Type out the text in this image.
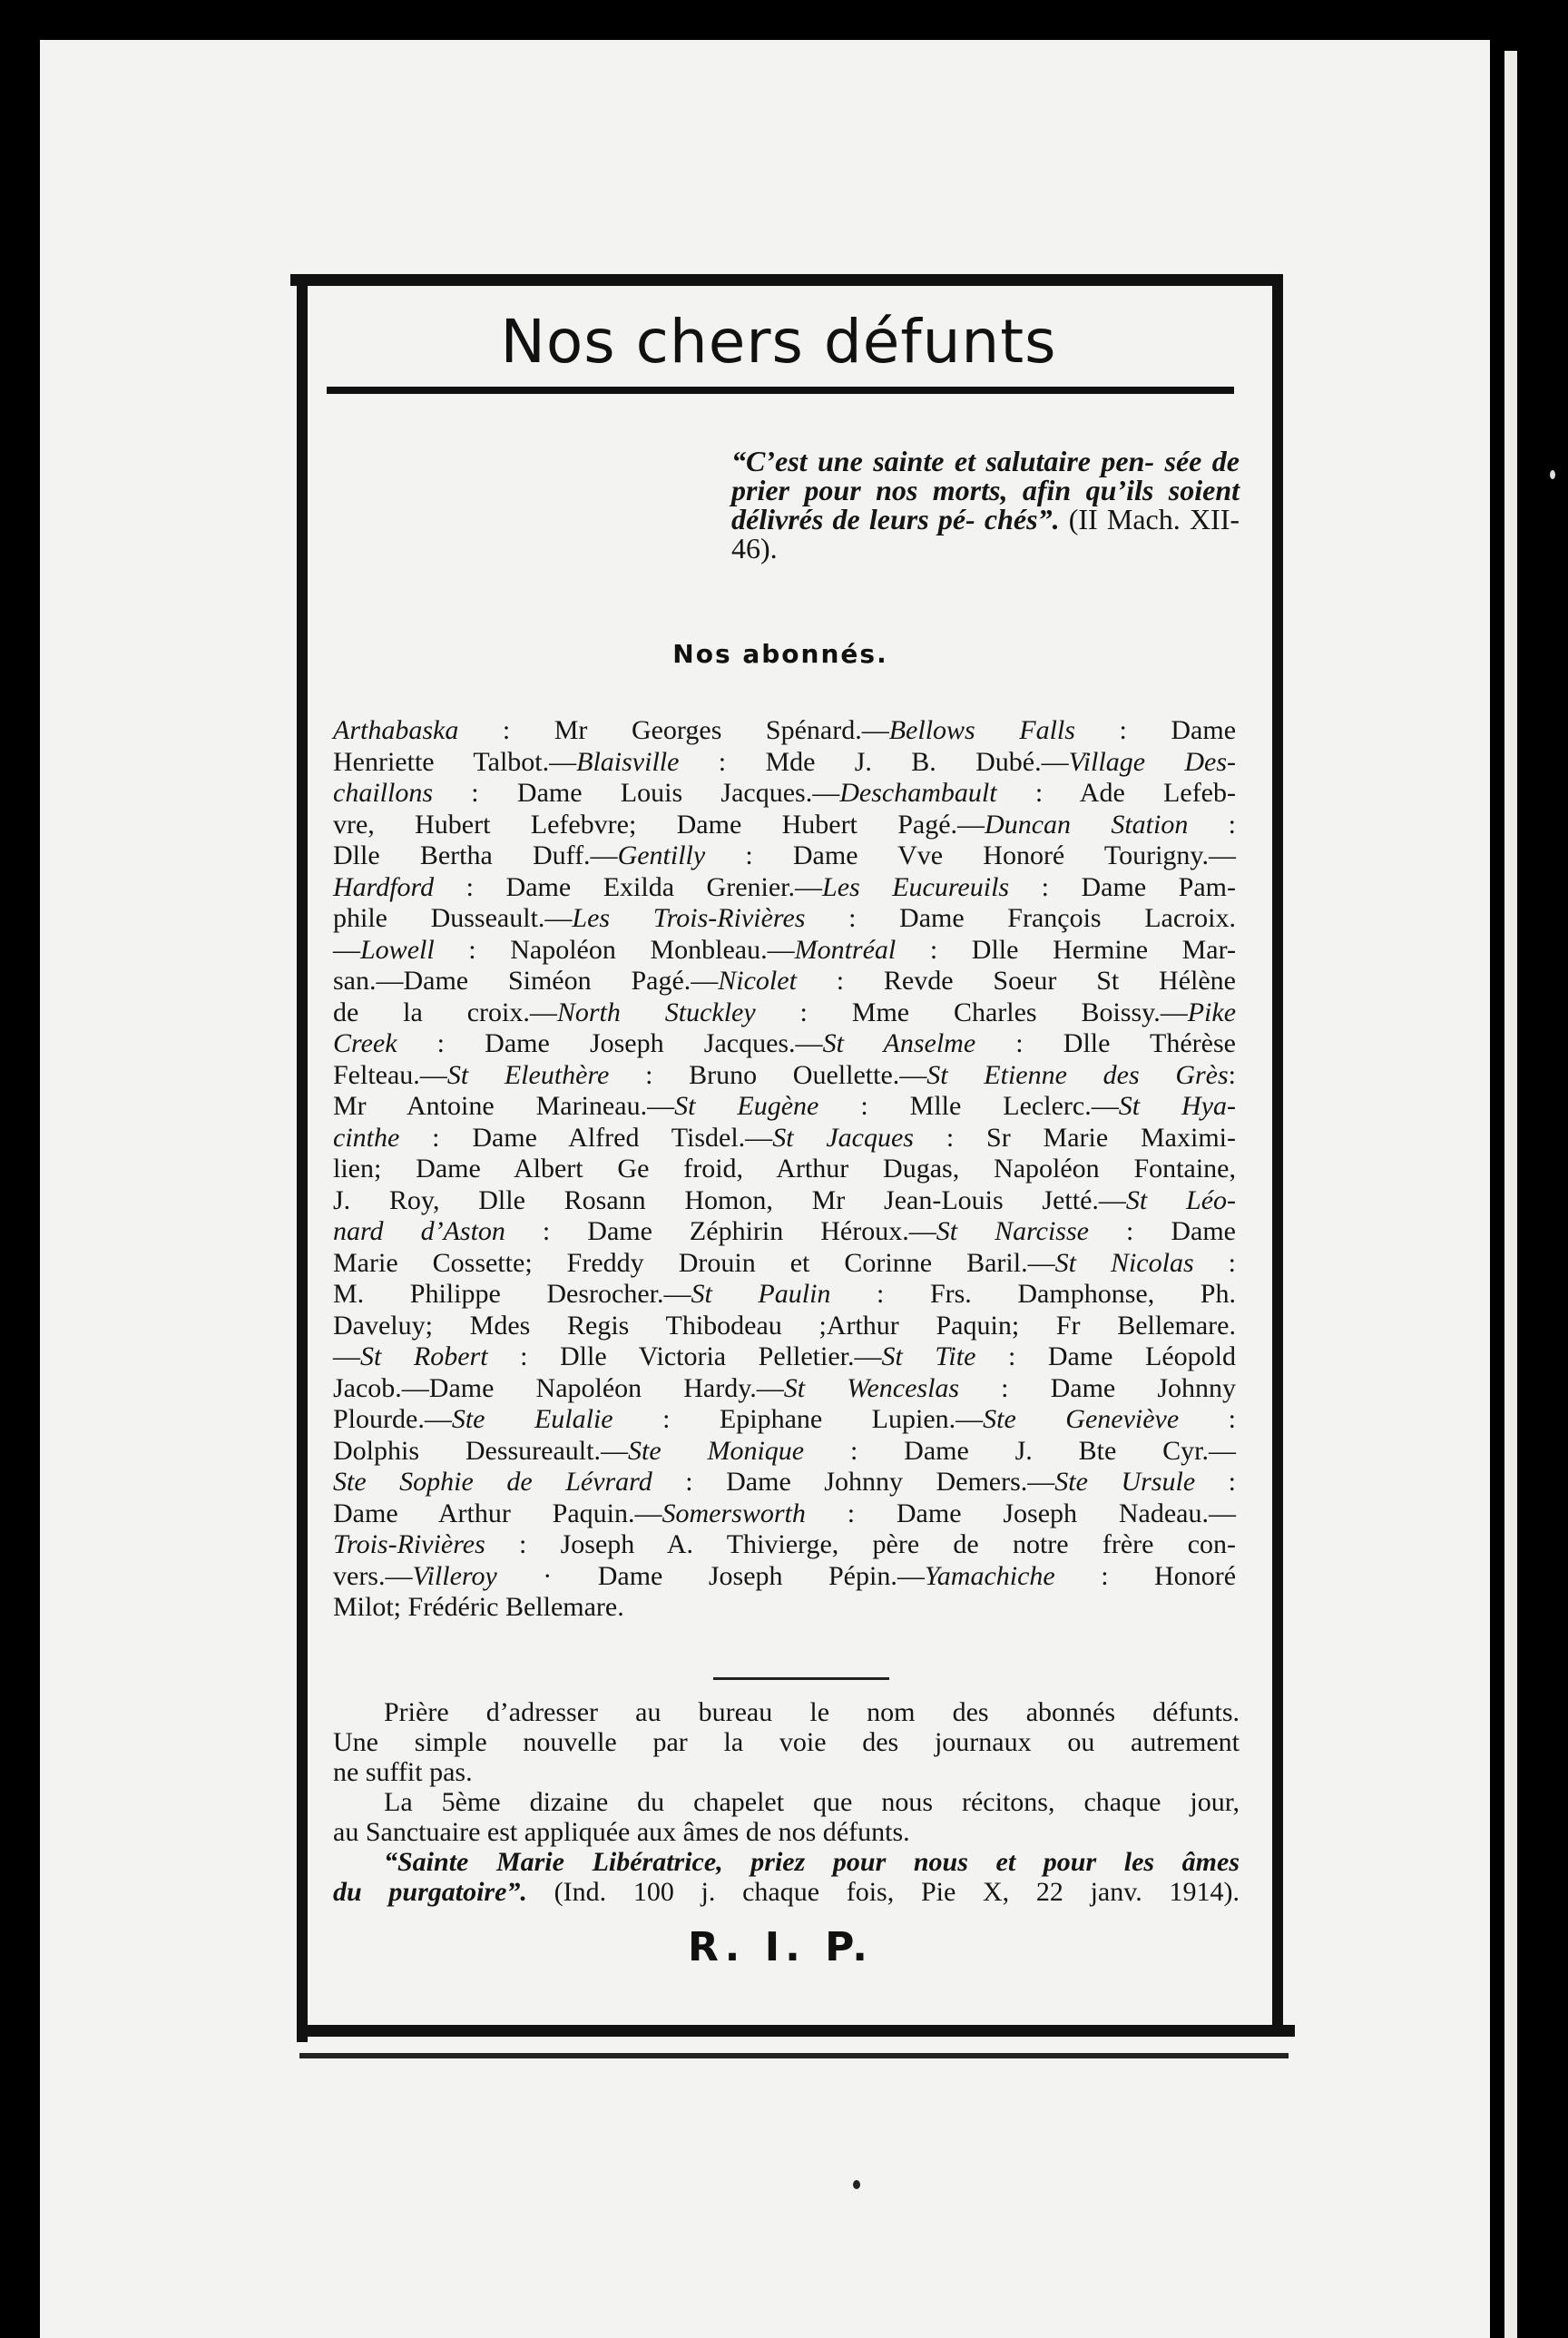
Nos chers défunts
“C’est une sainte et salutaire pen- sée de prier pour nos morts, afin qu’ils soient délivrés de leurs pé- chés”. (II Mach. XII-46).
Nos abonnés.
Arthabaska : Mr Georges Spénard.—Bellows Falls : Dame
Henriette Talbot.—Blaisville : Mde J. B. Dubé.—Village Des-
chaillons : Dame Louis Jacques.—Deschambault : Ade Lefeb-
vre, Hubert Lefebvre; Dame Hubert Pagé.—Duncan Station :
Dlle Bertha Duff.—Gentilly : Dame Vve Honoré Tourigny.—
Hardford : Dame Exilda Grenier.—Les Eucureuils : Dame Pam-
phile Dusseault.—Les Trois-Rivières : Dame François Lacroix.
—Lowell : Napoléon Monbleau.—Montréal : Dlle Hermine Mar-
san.—Dame Siméon Pagé.—Nicolet : Revde Soeur St Hélène
de la croix.—North Stuckley : Mme Charles Boissy.—Pike
Creek : Dame Joseph Jacques.—St Anselme : Dlle Thérèse
Felteau.—St Eleuthère : Bruno Ouellette.—St Etienne des Grès:
Mr Antoine Marineau.—St Eugène : Mlle Leclerc.—St Hya-
cinthe : Dame Alfred Tisdel.—St Jacques : Sr Marie Maximi-
lien; Dame Albert Ge froid, Arthur Dugas, Napoléon Fontaine,
J. Roy, Dlle Rosann Homon, Mr Jean-Louis Jetté.—St Léo-
nard d’Aston : Dame Zéphirin Héroux.—St Narcisse : Dame
Marie Cossette; Freddy Drouin et Corinne Baril.—St Nicolas :
M. Philippe Desrocher.—St Paulin : Frs. Damphonse, Ph.
Daveluy; Mdes Regis Thibodeau ;Arthur Paquin; Fr Bellemare.
—St Robert : Dlle Victoria Pelletier.—St Tite : Dame Léopold
Jacob.—Dame Napoléon Hardy.—St Wenceslas : Dame Johnny
Plourde.—Ste Eulalie : Epiphane Lupien.—Ste Geneviève :
Dolphis Dessureault.—Ste Monique : Dame J. Bte Cyr.—
Ste Sophie de Lévrard : Dame Johnny Demers.—Ste Ursule :
Dame Arthur Paquin.—Somersworth : Dame Joseph Nadeau.—
Trois-Rivières : Joseph A. Thivierge, père de notre frère con-
vers.—Villeroy · Dame Joseph Pépin.—Yamachiche : Honoré
Milot; Frédéric Bellemare.
Prière d’adresser au bureau le nom des abonnés défunts.
Une simple nouvelle par la voie des journaux ou autrement
ne suffit pas.
La 5ème dizaine du chapelet que nous récitons, chaque jour,
au Sanctuaire est appliquée aux âmes de nos défunts.
“Sainte Marie Libératrice, priez pour nous et pour les âmes
du purgatoire”. (Ind. 100 j. chaque fois, Pie X, 22 janv. 1914).
R. I. P.
